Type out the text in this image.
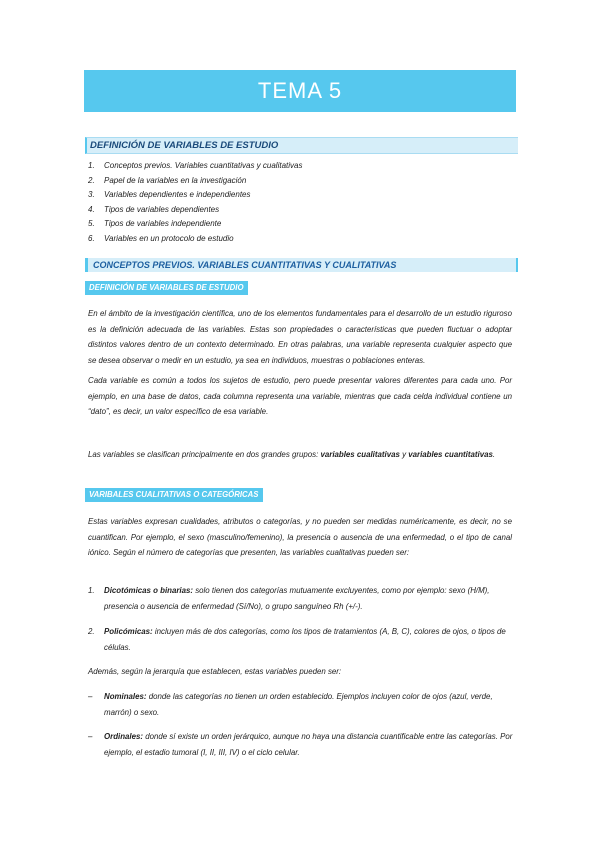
TEMA 5
DEFINICIÓN DE VARIABLES DE ESTUDIO
1. Conceptos previos. Variables cuantitativas y cualitativas
2. Papel de la variables en la investigación
3. Variables dependientes e independientes
4. Tipos de variables dependientes
5. Tipos de variables independiente
6. Variables en un protocolo de estudio
CONCEPTOS PREVIOS. VARIABLES CUANTITATIVAS Y CUALITATIVAS
DEFINICIÓN DE VARIABLES DE ESTUDIO

En el ámbito de la investigación científica, uno de los elementos fundamentales para el desarrollo de un estudio riguroso es la definición adecuada de las variables. Estas son propiedades o características que pueden fluctuar o adoptar distintos valores dentro de un contexto determinado. En otras palabras, una variable representa cualquier aspecto que se desea observar o medir en un estudio, ya sea en individuos, muestras o poblaciones enteras.

Cada variable es común a todos los sujetos de estudio, pero puede presentar valores diferentes para cada uno. Por ejemplo, en una base de datos, cada columna representa una variable, mientras que cada celda individual contiene un “dato”, es decir, un valor específico de esa variable.

Las variables se clasifican principalmente en dos grandes grupos: variables cualitativas y variables cuantitativas.

VARIBALES CUALITATIVAS O CATEGÓRICAS

Estas variables expresan cualidades, atributos o categorías, y no pueden ser medidas numéricamente, es decir, no se cuantifican. Por ejemplo, el sexo (masculino/femenino), la presencia o ausencia de una enfermedad, o el tipo de canal iónico. Según el número de categorías que presenten, las variables cualitativas pueden ser:

1. Dicotómicas o binarias: solo tienen dos categorías mutuamente excluyentes, como por ejemplo: sexo (H/M), presencia o ausencia de enfermedad (Sí/No), o grupo sanguíneo Rh (+/-).
2. Policómicas: incluyen más de dos categorías, como los tipos de tratamientos (A, B, C), colores de ojos, o tipos de células.

Además, según la jerarquía que establecen, estas variables pueden ser:

– Nominales: donde las categorías no tienen un orden establecido. Ejemplos incluyen color de ojos (azul, verde, marrón) o sexo.
– Ordinales: donde sí existe un orden jerárquico, aunque no haya una distancia cuantificable entre las categorías. Por ejemplo, el estadio tumoral (I, II, III, IV) o el ciclo celular.
